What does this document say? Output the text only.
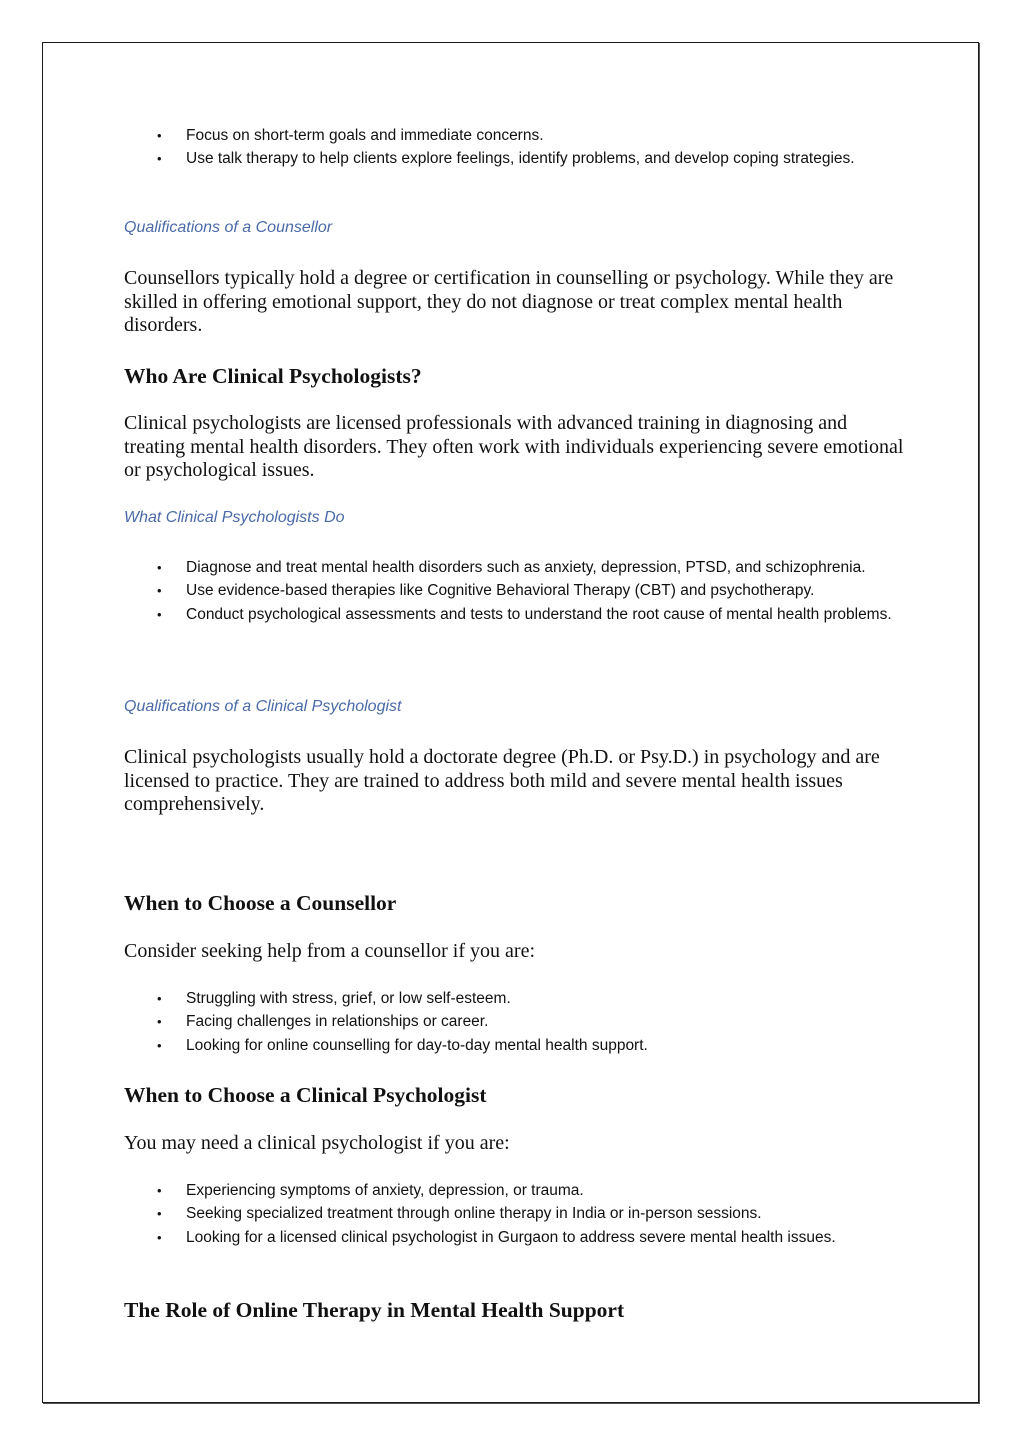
• Focus on short-term goals and immediate concerns.
• Use talk therapy to help clients explore feelings, identify problems, and develop coping strategies.

Qualifications of a Counsellor

Counsellors typically hold a degree or certification in counselling or psychology. While they are skilled in offering emotional support, they do not diagnose or treat complex mental health disorders.

Who Are Clinical Psychologists?

Clinical psychologists are licensed professionals with advanced training in diagnosing and treating mental health disorders. They often work with individuals experiencing severe emotional or psychological issues.

What Clinical Psychologists Do

• Diagnose and treat mental health disorders such as anxiety, depression, PTSD, and schizophrenia.
• Use evidence-based therapies like Cognitive Behavioral Therapy (CBT) and psychotherapy.
• Conduct psychological assessments and tests to understand the root cause of mental health problems.

Qualifications of a Clinical Psychologist

Clinical psychologists usually hold a doctorate degree (Ph.D. or Psy.D.) in psychology and are licensed to practice. They are trained to address both mild and severe mental health issues comprehensively.

When to Choose a Counsellor

Consider seeking help from a counsellor if you are:

• Struggling with stress, grief, or low self-esteem.
• Facing challenges in relationships or career.
• Looking for online counselling for day-to-day mental health support.
When to Choose a Clinical Psychologist

You may need a clinical psychologist if you are:

• Experiencing symptoms of anxiety, depression, or trauma.
• Seeking specialized treatment through online therapy in India or in-person sessions.
• Looking for a licensed clinical psychologist in Gurgaon to address severe mental health issues.
The Role of Online Therapy in Mental Health Support
